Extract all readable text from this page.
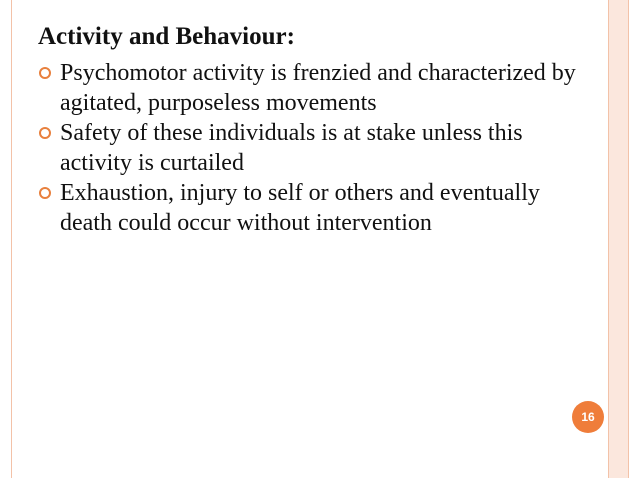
Activity and Behaviour:
Psychomotor activity is frenzied and characterized by agitated, purposeless movements
Safety of these individuals is at stake unless this activity is curtailed
Exhaustion, injury to self or others and eventually death could occur without intervention
16
